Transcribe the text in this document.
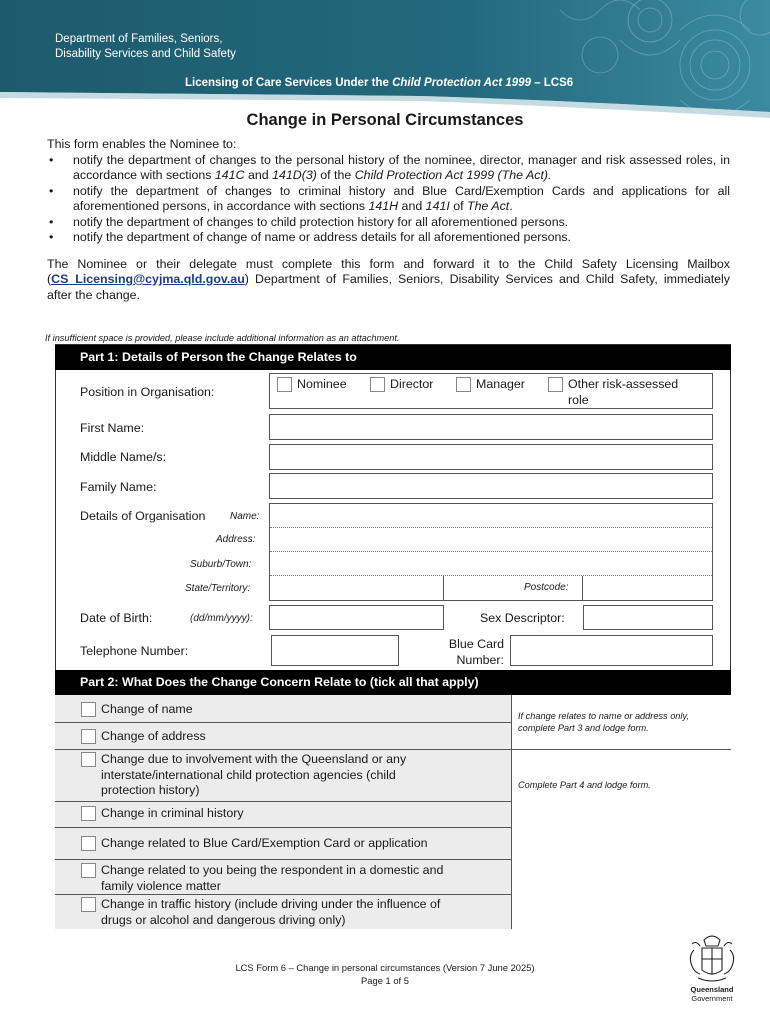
Department of Families, Seniors,
Disability Services and Child Safety
Licensing of Care Services Under the Child Protection Act 1999 – LCS6
Change in Personal Circumstances

This form enables the Nominee to:

• notify the department of changes to the personal history of the nominee, director, manager and risk assessed roles, in accordance with sections 141C and 141D(3) of the Child Protection Act 1999 (The Act).
• notify the department of changes to criminal history and Blue Card/Exemption Cards and applications for all aforementioned persons, in accordance with sections 141H and 141I of The Act.
• notify the department of changes to child protection history for all aforementioned persons.
• notify the department of change of name or address details for all aforementioned persons.

The Nominee or their delegate must complete this form and forward it to the Child Safety Licensing Mailbox (CS_Licensing@cyjma.qld.gov.au) Department of Families, Seniors, Disability Services and Child Safety, immediately after the change.

If insufficient space is provided, please include additional information as an attachment.
Part 1: Details of Person the Change Relates to
Position in Organisation:
Nominee	Director	Manager	Other risk-assessed
role
First Name:
Middle Name/s:
Family Name:
Details of Organisation Name:
Address:
Suburb/Town:
State/Territory:	Postcode:
Date of Birth:	(dd/mm/yyyy):	Sex Descriptor:
Telephone Number:	Blue Card
Number:
Part 2: What Does the Change Concern Relate to (tick all that apply)
Change of name
Change of address
Change due to involvement with the Queensland or any
interstate/international child protection agencies (child
protection history)
Change in criminal history
Change related to Blue Card/Exemption Card or application
Change related to you being the respondent in a domestic and
family violence matter
Change in traffic history (include driving under the influence of
drugs or alcohol and dangerous driving only)
If change relates to name or address only,
complete Part 3 and lodge form.
Complete Part 4 and lodge form.
LCS Form 6 – Change in personal circumstances (Version 7 June 2025)
Page 1 of 5
Queensland
Government
